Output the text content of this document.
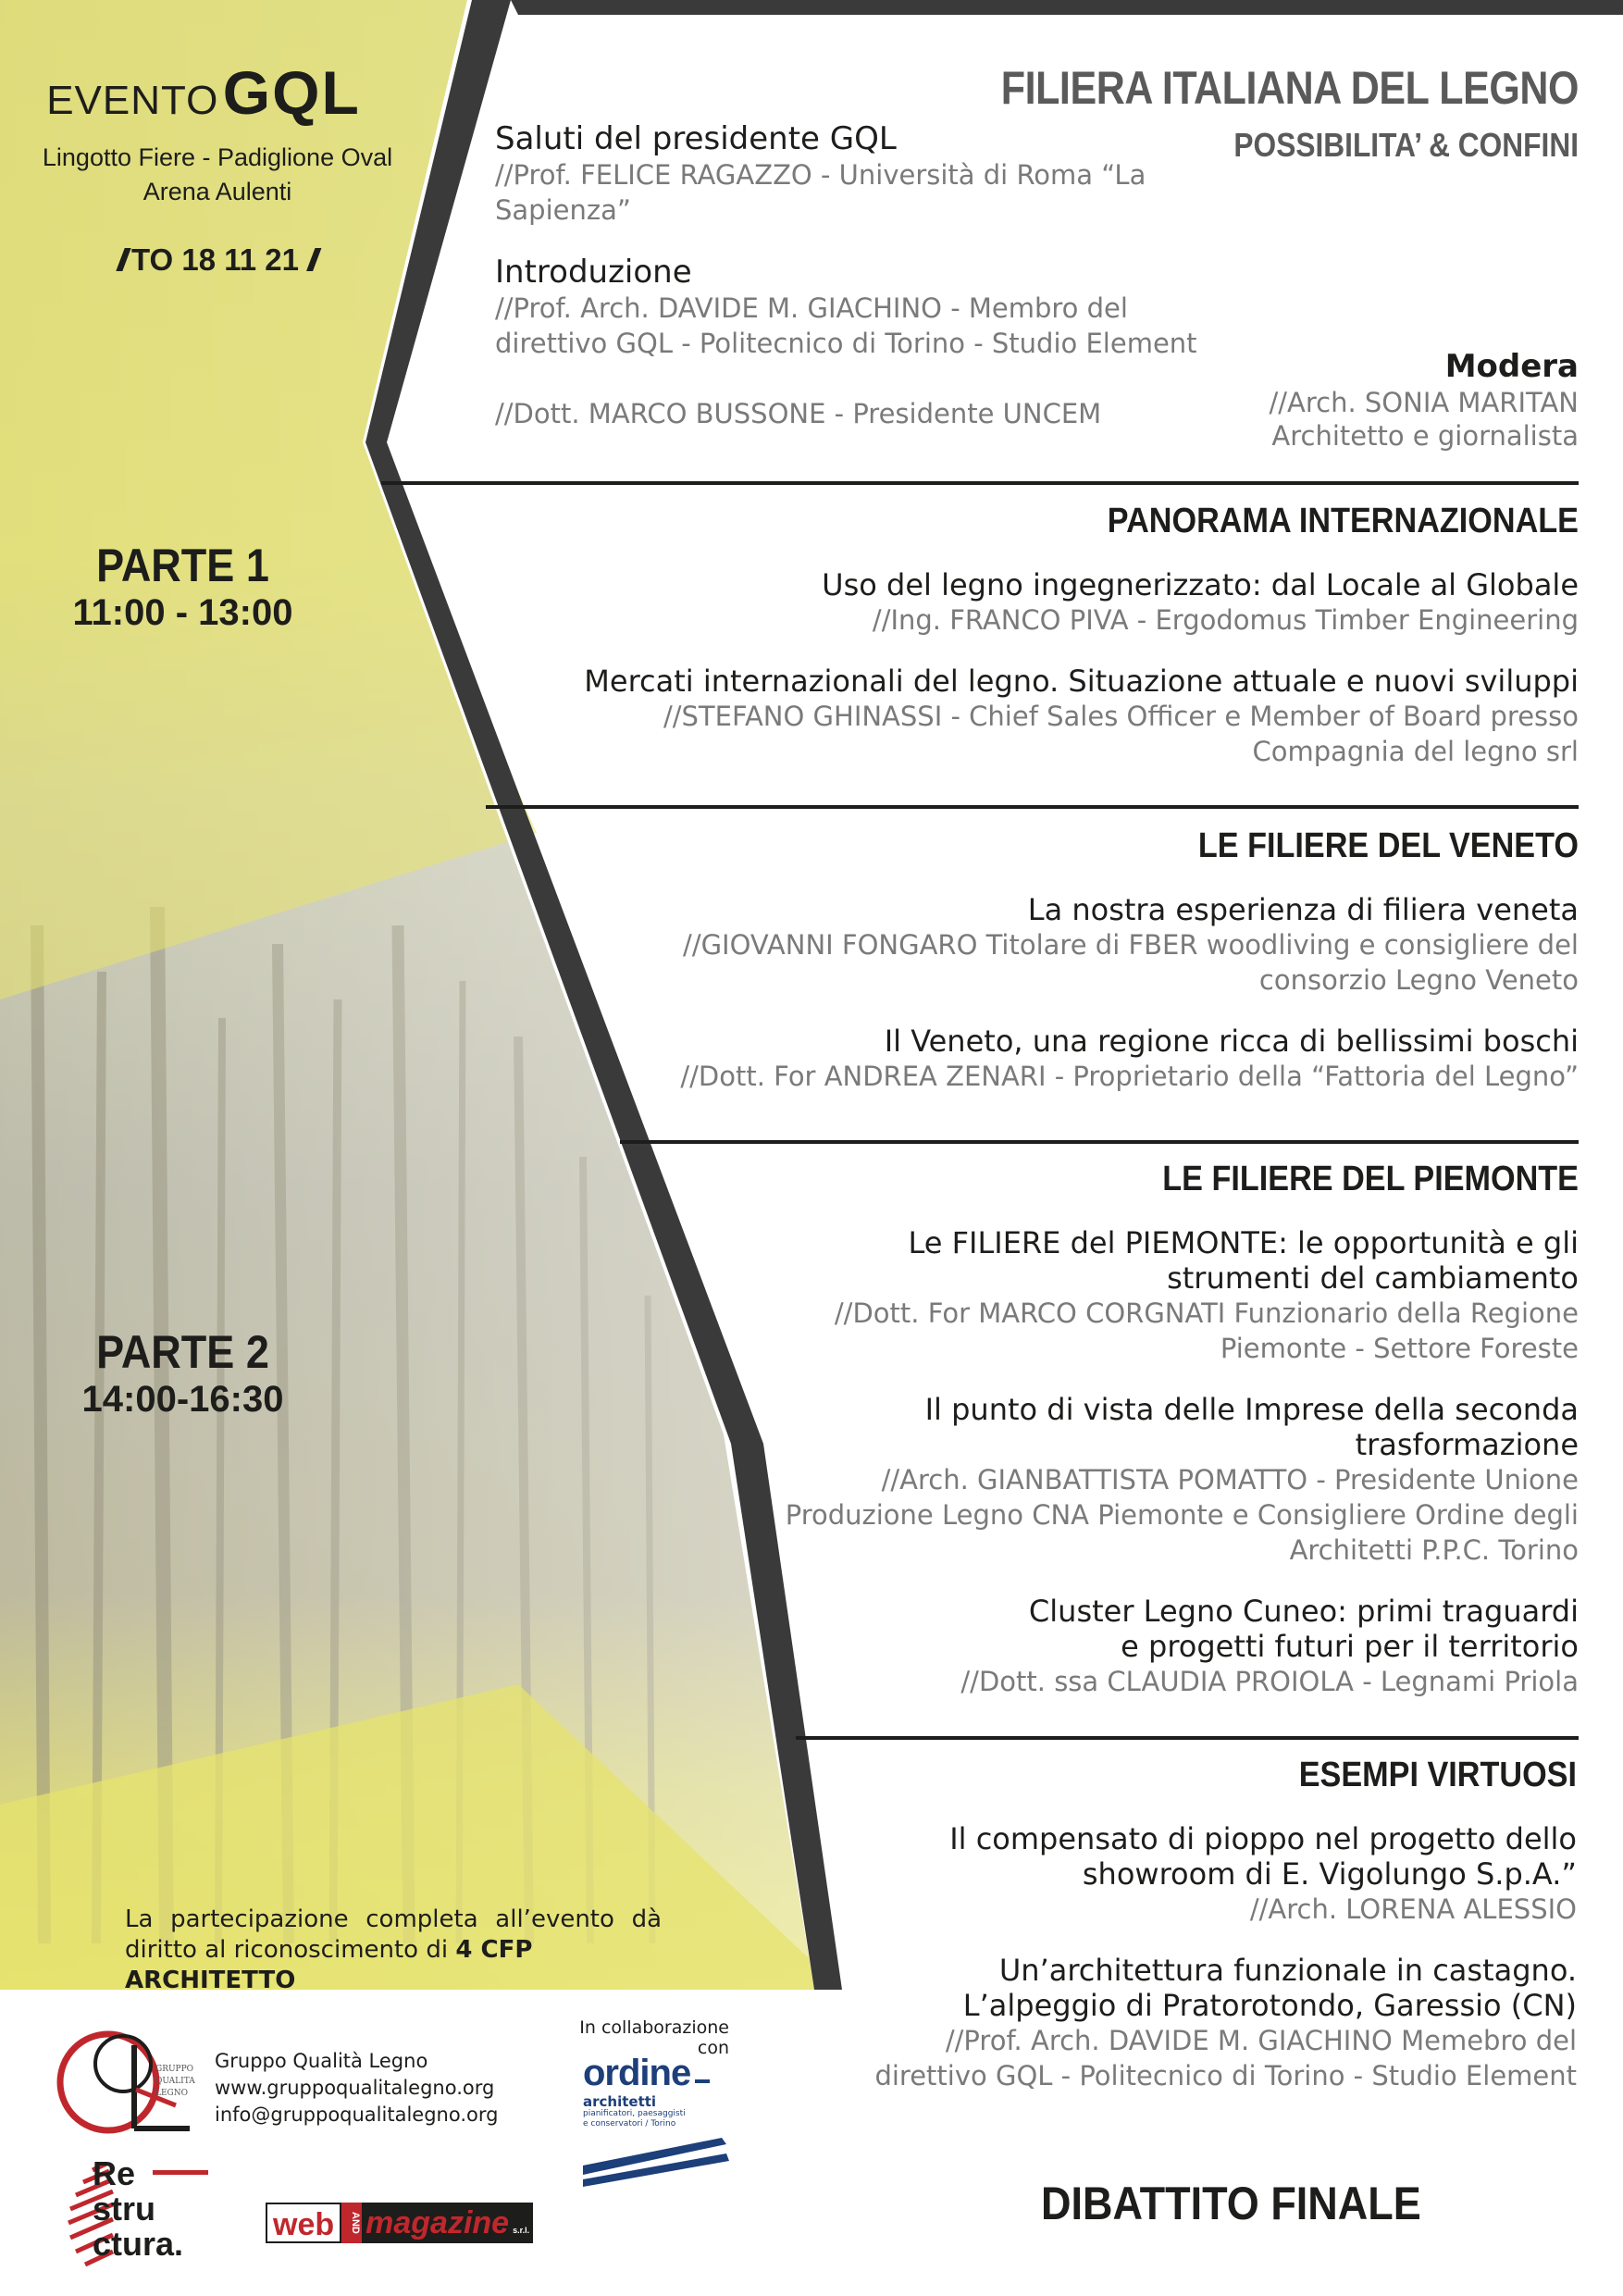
EVENTO GQL
Lingotto Fiere - Padiglione Oval
Arena Aulenti
// TO 18 11 21 //
PARTE 1
11:00 - 13:00
PARTE 2
14:00-16:30
La partecipazione completa all’evento dà
diritto al riconoscimento di 4 CFP ARCHITETTO
FILIERA ITALIANA DEL LEGNO
POSSIBILITA’ & CONFINI
Saluti del presidente GQL
//Prof. FELICE RAGAZZO - Università di Roma “La
Sapienza”
Introduzione
//Prof. Arch. DAVIDE M. GIACHINO - Membro del
direttivo GQL - Politecnico di Torino - Studio Element
//Dott. MARCO BUSSONE - Presidente UNCEM
Modera
//Arch. SONIA MARITAN
Architetto e giornalista
PANORAMA INTERNAZIONALE
Uso del legno ingegnerizzato: dal Locale al Globale
//Ing. FRANCO PIVA - Ergodomus Timber Engineering
Mercati internazionali del legno. Situazione attuale e nuovi sviluppi
//STEFANO GHINASSI - Chief Sales Officer e Member of Board presso
Compagnia del legno srl
LE FILIERE DEL VENETO
La nostra esperienza di filiera veneta
//GIOVANNI FONGARO Titolare di FBER woodliving e consigliere del
consorzio Legno Veneto
Il Veneto, una regione ricca di bellissimi boschi
//Dott. For ANDREA ZENARI - Proprietario della “Fattoria del Legno”
LE FILIERE DEL PIEMONTE
Le FILIERE del PIEMONTE: le opportunità e gli
strumenti del cambiamento
//Dott. For MARCO CORGNATI Funzionario della Regione
Piemonte - Settore Foreste
Il punto di vista delle Imprese della seconda
trasformazione
//Arch. GIANBATTISTA POMATTO - Presidente Unione
Produzione Legno CNA Piemonte e Consigliere Ordine degli
Architetti P.P.C. Torino
Cluster Legno Cuneo: primi traguardi
e progetti futuri per il territorio
//Dott. ssa CLAUDIA PROIOLA - Legnami Priola
ESEMPI VIRTUOSI
Il compensato di pioppo nel progetto dello
showroom di E. Vigolungo S.p.A.”
//Arch. LORENA ALESSIO
Un’architettura funzionale in castagno.
L’alpeggio di Pratorotondo, Garessio (CN)
//Prof. Arch. DAVIDE M. GIACHINO Memebro del
direttivo GQL - Politecnico di Torino - Studio Element
DIBATTITO FINALE
GRUPPO QUALITA LEGNO
Gruppo Qualità Legno
www.gruppoqualitalegno.org
info@gruppoqualitalegno.org
In collaborazione
con
ordine
architetti
pianificatori, paesaggisti
e conservatori / Torino
Re
stru
ctura.	web	AND magazine s.r.l.
